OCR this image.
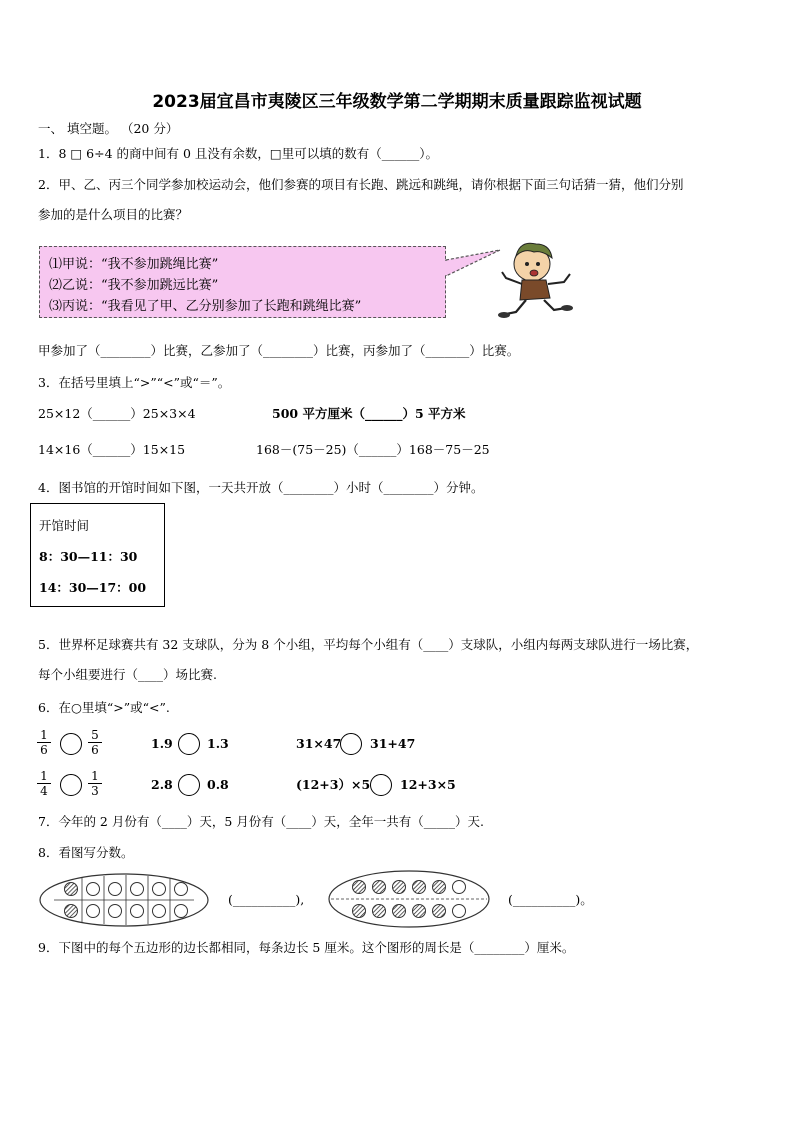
2023届宜昌市夷陵区三年级数学第二学期期末质量跟踪监视试题
一、 填空题。 （20 分）
1．8 □ 6÷4 的商中间有 0 且没有余数，□里可以填的数有（______）。
2．甲、乙、丙三个同学参加校运动会，他们参赛的项目有长跑、跳远和跳绳，请你根据下面三句话猜一猜，他们分别
参加的是什么项目的比赛？
⑴甲说：“我不参加跳绳比赛”
⑵乙说：“我不参加跳远比赛”
⑶丙说：“我看见了甲、乙分别参加了长跑和跳绳比赛”
甲参加了（________）比赛，乙参加了（________）比赛，丙参加了（_______）比赛。
3．在括号里填上“>”“<”或“＝”。
25×12（______）25×3×4	500 平方厘米（______）5 平方米
14×16（______）15×15	168－(75－25)（______）168－75－25
4．图书馆的开馆时间如下图，一天共开放（________）小时（________）分钟。
开馆时间
8：30—11：30
14：30—17：00
5．世界杯足球赛共有 32 支球队，分为 8 个小组，平均每个小组有（____）支球队，小组内每两支球队进行一场比赛，
每个小组要进行（____）场比赛.
6．在○里填“>”或“<”.
$\frac{1}{6}$	$\frac{5}{6}$	1.9	1.3	31×47 31+47
$\frac{1}{4}$	$\frac{1}{3}$	2.8	0.8	(12+3）×5 12+3×5
7．今年的 2 月份有（____）天，5 月份有（____）天，全年一共有（_____）天.
8．看图写分数。
(__________),	(__________)。
9．下图中的每个五边形的边长都相同，每条边长 5 厘米。这个图形的周长是（________）厘米。
